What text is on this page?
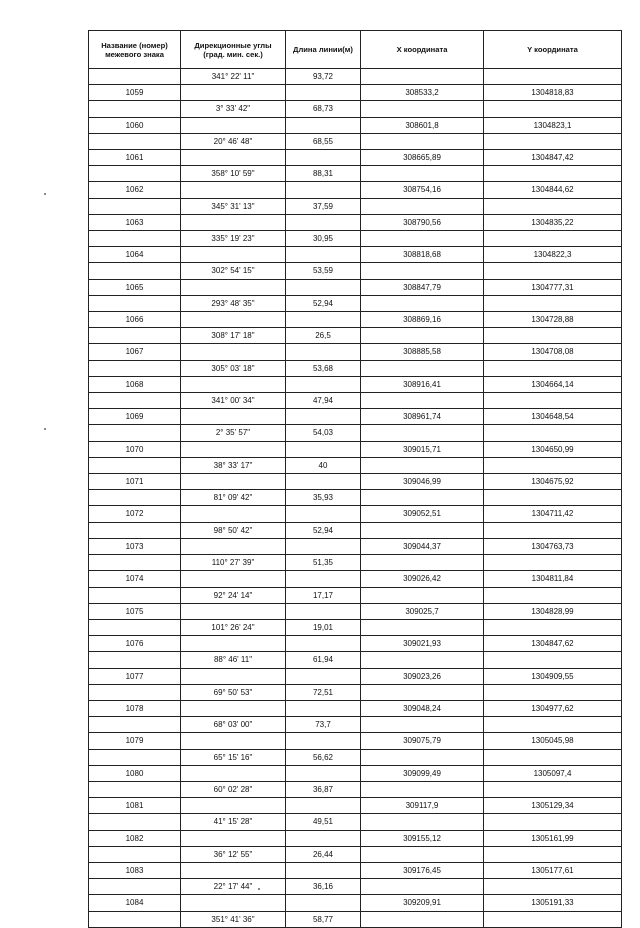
Название (номер) межевого знака	Дирекционные углы (град. мин. сек.)	Длина линии(м)	X координата	Y координата
	341° 22' 11"	93,72		
1059			308533,2	1304818,83
	3° 33' 42"	68,73		
1060			308601,8	1304823,1
	20° 46' 48"	68,55		
1061			308665,89	1304847,42
	358° 10' 59"	88,31		
1062			308754,16	1304844,62
	345° 31' 13"	37,59		
1063			308790,56	1304835,22
	335° 19' 23"	30,95		
1064			308818,68	1304822,3
	302° 54' 15"	53,59		
1065			308847,79	1304777,31
	293° 48' 35"	52,94		
1066			308869,16	1304728,88
	308° 17' 18"	26,5		
1067			308885,58	1304708,08
	305° 03' 18"	53,68		
1068			308916,41	1304664,14
	341° 00' 34"	47,94		
1069			308961,74	1304648,54
	2° 35' 57"	54,03		
1070			309015,71	1304650,99
	38° 33' 17"	40		
1071			309046,99	1304675,92
	81° 09' 42"	35,93		
1072			309052,51	1304711,42
	98° 50' 42"	52,94		
1073			309044,37	1304763,73
	110° 27' 39"	51,35		
1074			309026,42	1304811,84
	92° 24' 14"	17,17		
1075			309025,7	1304828,99
	101° 26' 24"	19,01		
1076			309021,93	1304847,62
	88° 46' 11"	61,94		
1077			309023,26	1304909,55
	69° 50' 53"	72,51		
1078			309048,24	1304977,62
	68° 03' 00"	73,7		
1079			309075,79	1305045,98
	65° 15' 16"	56,62		
1080			309099,49	1305097,4
	60° 02' 28"	36,87		
1081			309117,9	1305129,34
	41° 15' 28"	49,51		
1082			309155,12	1305161,99
	36° 12' 55"	26,44		
1083			309176,45	1305177,61
	22° 17' 44"	36,16		
1084			309209,91	1305191,33
	351° 41' 36"	58,77		
